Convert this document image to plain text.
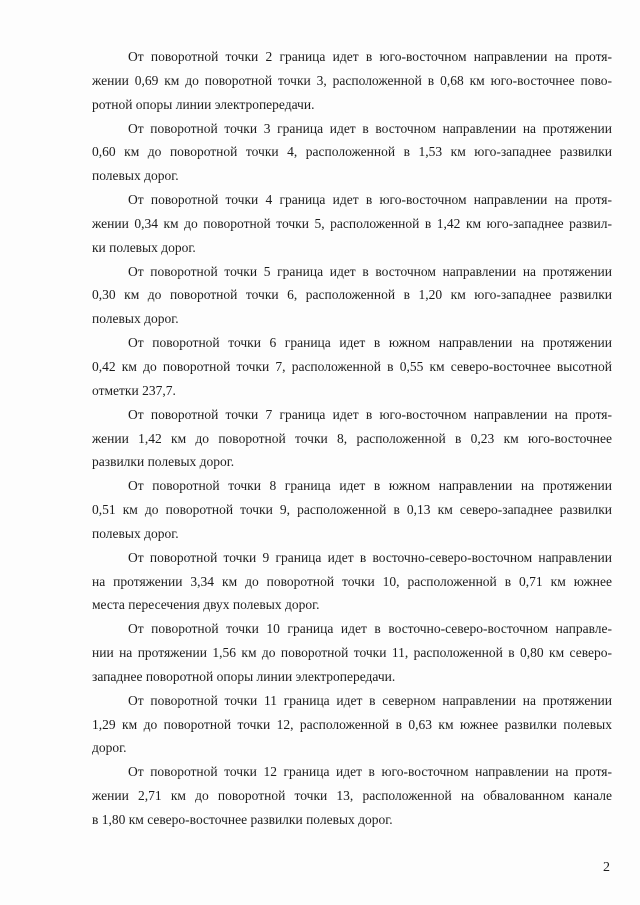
От поворотной точки 2 граница идет в юго-восточном направлении на протя-
жении 0,69 км до поворотной точки 3, расположенной в 0,68 км юго-восточнее пово-
ротной опоры линии электропередачи.
От поворотной точки 3 граница идет в восточном направлении на протяжении
0,60 км до поворотной точки 4, расположенной в 1,53 км юго-западнее развилки
полевых дорог.
От поворотной точки 4 граница идет в юго-восточном направлении на протя-
жении 0,34 км до поворотной точки 5, расположенной в 1,42 км юго-западнее развил-
ки полевых дорог.
От поворотной точки 5 граница идет в восточном направлении на протяжении
0,30 км до поворотной точки 6, расположенной в 1,20 км юго-западнее развилки
полевых дорог.
От поворотной точки 6 граница идет в южном направлении на протяжении
0,42 км до поворотной точки 7, расположенной в 0,55 км северо-восточнее высотной
отметки 237,7.
От поворотной точки 7 граница идет в юго-восточном направлении на протя-
жении 1,42 км до поворотной точки 8, расположенной в 0,23 км юго-восточнее
развилки полевых дорог.
От поворотной точки 8 граница идет в южном направлении на протяжении
0,51 км до поворотной точки 9, расположенной в 0,13 км северо-западнее развилки
полевых дорог.
От поворотной точки 9 граница идет в восточно-северо-восточном направлении
на протяжении 3,34 км до поворотной точки 10, расположенной в 0,71 км южнее
места пересечения двух полевых дорог.
От поворотной точки 10 граница идет в восточно-северо-восточном направле-
нии на протяжении 1,56 км до поворотной точки 11, расположенной в 0,80 км северо-
западнее поворотной опоры линии электропередачи.
От поворотной точки 11 граница идет в северном направлении на протяжении
1,29 км до поворотной точки 12, расположенной в 0,63 км южнее развилки полевых
дорог.
От поворотной точки 12 граница идет в юго-восточном направлении на протя-
жении 2,71 км до поворотной точки 13, расположенной на обвалованном канале
в 1,80 км северо-восточнее развилки полевых дорог.
2
